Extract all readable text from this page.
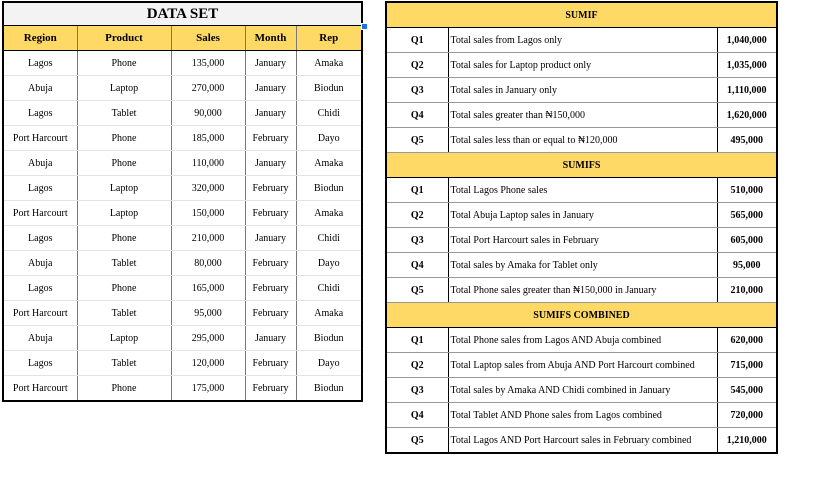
DATA SET				
Region	Product	Sales	Month	Rep
Lagos	Phone	135,000	January	Amaka
Abuja	Laptop	270,000	January	Biodun
Lagos	Tablet	90,000	January	Chidi
Port Harcourt	Phone	185,000	February	Dayo
Abuja	Phone	110,000	January	Amaka
Lagos	Laptop	320,000	February	Biodun
Port Harcourt	Laptop	150,000	February	Amaka
Lagos	Phone	210,000	January	Chidi
Abuja	Tablet	80,000	February	Dayo
Lagos	Phone	165,000	February	Chidi
Port Harcourt	Tablet	95,000	February	Amaka
Abuja	Laptop	295,000	January	Biodun
Lagos	Tablet	120,000	February	Dayo
Port Harcourt	Phone	175,000	February	Biodun
SUMIF		
Q1	Total sales from Lagos only	1,040,000
Q2	Total sales for Laptop product only	1,035,000
Q3	Total sales in January only	1,110,000
Q4	Total sales greater than ₦150,000	1,620,000
Q5	Total sales less than or equal to ₦120,000	495,000
SUMIFS		
Q1	Total Lagos Phone sales	510,000
Q2	Total Abuja Laptop sales in January	565,000
Q3	Total Port Harcourt sales in February	605,000
Q4	Total sales by Amaka for Tablet only	95,000
Q5	Total Phone sales greater than ₦150,000 in January	210,000
SUMIFS COMBINED		
Q1	Total Phone sales from Lagos AND Abuja combined	620,000
Q2	Total Laptop sales from Abuja AND Port Harcourt combined	715,000
Q3	Total sales by Amaka AND Chidi combined in January	545,000
Q4	Total Tablet AND Phone sales from Lagos combined	720,000
Q5	Total Lagos AND Port Harcourt sales in February combined	1,210,000
